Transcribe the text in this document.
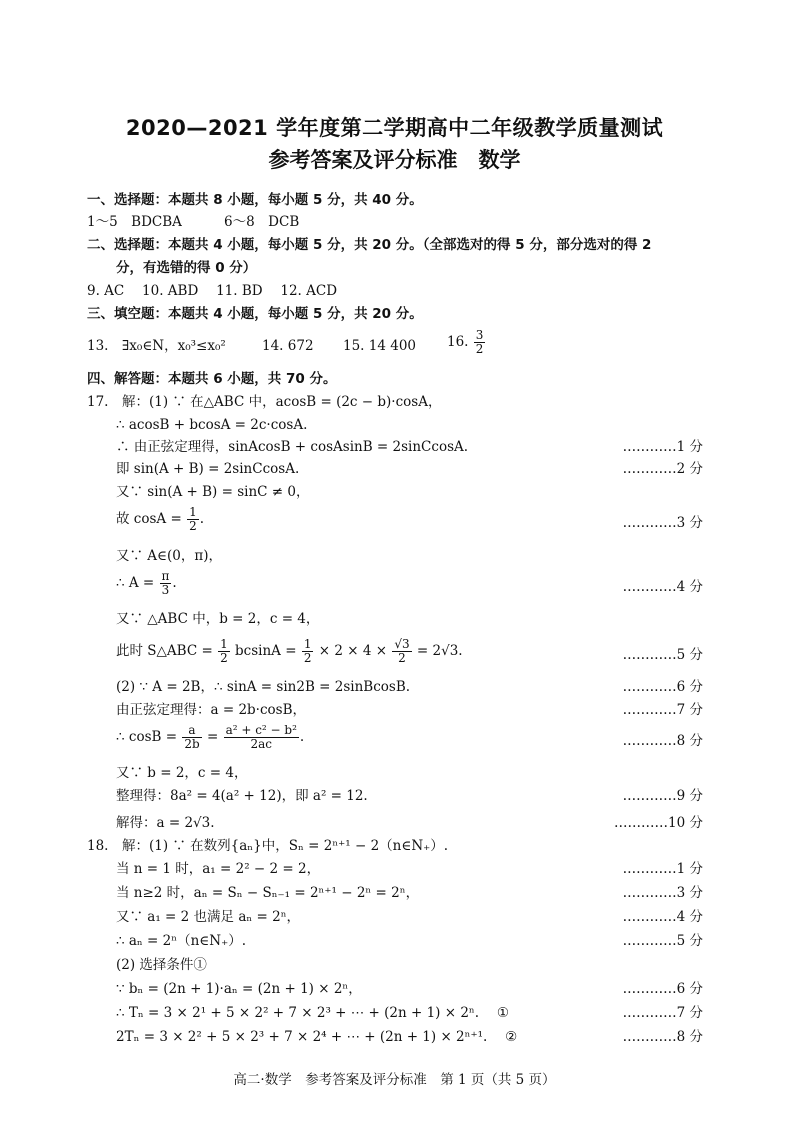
2020—2021 学年度第二学期高中二年级教学质量测试
参考答案及评分标准　数学
一、选择题：本题共 8 小题，每小题 5 分，共 40 分。
1～5　BDCBA	6～8　DCB
二、选择题：本题共 4 小题，每小题 5 分，共 20 分。（全部选对的得 5 分，部分选对的得 2
分，有选错的得 0 分）
9. AC　 10. ABD　 11. BD　 12. ACD
三、填空题：本题共 4 小题，每小题 5 分，共 20 分。
13.　∃x₀∈N，x₀³≤x₀²	14. 672 15. 14 400 16. $\frac{3}{2}$
四、解答题：本题共 6 小题，共 70 分。
17.　解：(1) ∵ 在△ABC 中，acosB = (2c − b)·cosA，
∴ acosB + bcosA = 2c·cosA.
∴ 由正弦定理得，sinAcosB + cosAsinB = 2sinCcosA.	…………1 分
即 sin(A + B) = 2sinCcosA.	…………2 分
又∵ sin(A + B) = sinC ≠ 0，
故 $\cos A = \frac{1}{2}$ .	…………3 分
又∵ A∈(0，π)，
∴ $A = \frac{\pi}{3}$ .	…………4 分
又∵ △ABC 中，b = 2，c = 4，
此时 S△ABC = $\frac{1}{2}$ $bcsinA = \frac{1}{2} \times 2 \times 4 \times \frac{√3}{2} = 2√3$.	…………5 分
(2) ∵ A = 2B，∴ sinA = sin2B = 2sinBcosB.	…………6 分
由正弦定理得：a = 2b·cosB，	…………7 分
∴ $\cos B = \frac{a}{2b} = \frac{\text{a² + c² − b²}}{2ac}$ .	…………8 分
又∵ b = 2，c = 4，
整理得：8a² = 4(a² + 12)，即 a² = 12.	…………9 分
解得：a = 2√3.	…………10 分
18.　解：(1) ∵ 在数列{aₙ}中，Sₙ = 2ⁿ⁺¹ − 2（n∈N₊）.
当 n = 1 时，a₁ = 2² − 2 = 2，	…………1 分
当 n≥2 时，aₙ = Sₙ − Sₙ₋₁ = 2ⁿ⁺¹ − 2ⁿ = 2ⁿ，	…………3 分
又∵ a₁ = 2 也满足 aₙ = 2ⁿ，	…………4 分
∴ aₙ = 2ⁿ（n∈N₊）.	…………5 分
(2) 选择条件①
∵ bₙ = (2n + 1)·aₙ = (2n + 1) × 2ⁿ，	…………6 分
∴ Tₙ = 3 × 2¹ + 5 × 2² + 7 × 2³ + ⋯ + (2n + 1) × 2ⁿ.　 ①	…………7 分
2Tₙ = 3 × 2² + 5 × 2³ + 7 × 2⁴ + ⋯ + (2n + 1) × 2ⁿ⁺¹.　 ②	…………8 分
高二·数学　参考答案及评分标准　第 1 页（共 5 页）
